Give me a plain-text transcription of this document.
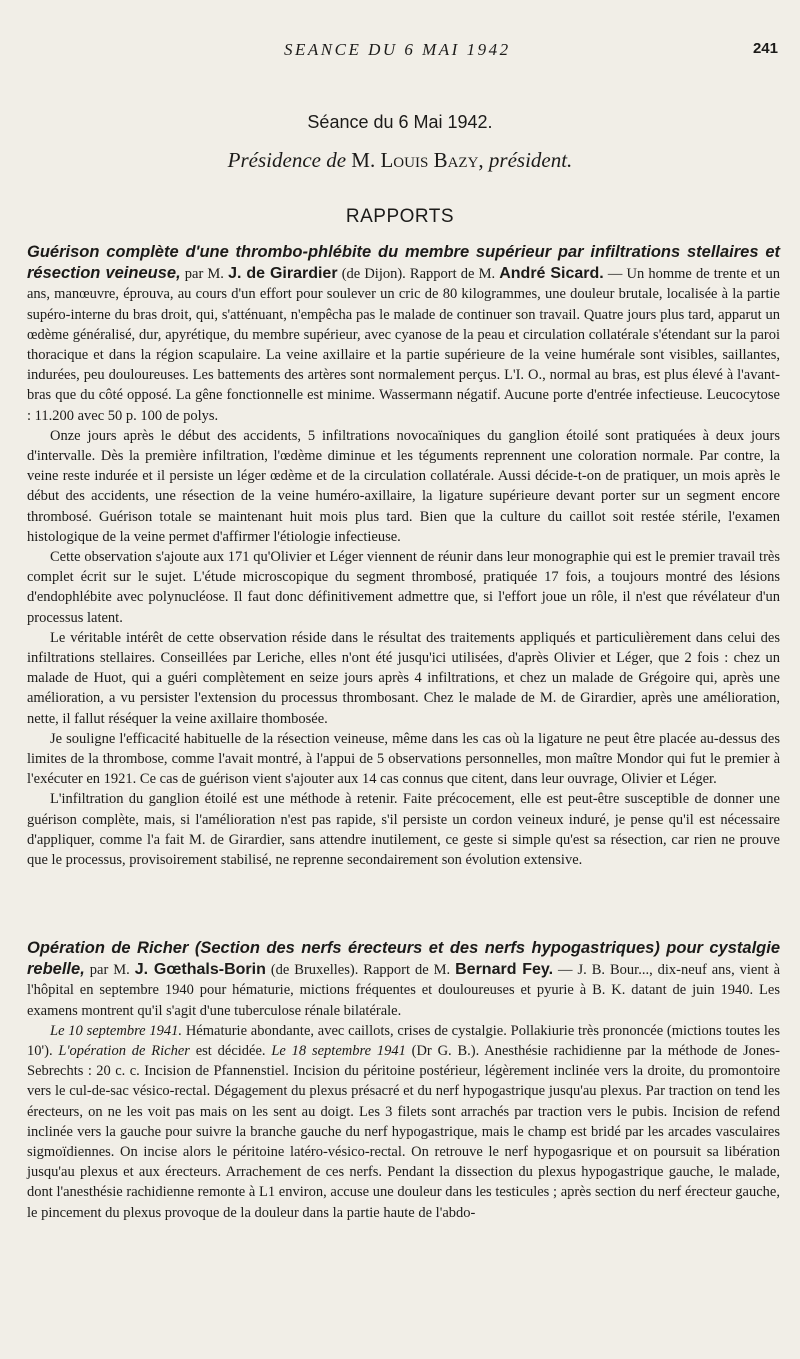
SEANCE DU 6 MAI 1942	241
Séance du 6 Mai 1942.
Présidence de M. Louis Bazy, président.
RAPPORTS

Guérison complète d'une thrombo-phlébite du membre supérieur par infiltrations stellaires et résection veineuse, par M. J. de Girardier (de Dijon). Rapport de M. André Sicard. — Un homme de trente et un ans, manœuvre, éprouva, au cours d'un effort pour soulever un cric de 80 kilogrammes, une douleur brutale, localisée à la partie supéro-interne du bras droit, qui, s'atténuant, n'empêcha pas le malade de continuer son travail. Quatre jours plus tard, apparut un œdème généralisé, dur, apyrétique, du membre supérieur, avec cyanose de la peau et circulation collatérale s'étendant sur la paroi thoracique et dans la région scapulaire. La veine axillaire et la partie supérieure de la veine humérale sont visibles, saillantes, indurées, peu douloureuses. Les battements des artères sont normalement perçus. L'I. O., normal au bras, est plus élevé à l'avant-bras que du côté opposé. La gêne fonctionnelle est minime. Wassermann négatif. Aucune porte d'entrée infectieuse. Leucocytose : 11.200 avec 50 p. 100 de polys.

Onze jours après le début des accidents, 5 infiltrations novocaïniques du ganglion étoilé sont pratiquées à deux jours d'intervalle. Dès la première infiltration, l'œdème diminue et les téguments reprennent une coloration normale. Par contre, la veine reste indurée et il persiste un léger œdème et de la circulation collatérale. Aussi décide-t-on de pratiquer, un mois après le début des accidents, une résection de la veine huméro-axillaire, la ligature supérieure devant porter sur un segment encore thrombosé. Guérison totale se maintenant huit mois plus tard. Bien que la culture du caillot soit restée stérile, l'examen histologique de la veine permet d'affirmer l'étiologie infectieuse.

Cette observation s'ajoute aux 171 qu'Olivier et Léger viennent de réunir dans leur monographie qui est le premier travail très complet écrit sur le sujet. L'étude microscopique du segment thrombosé, pratiquée 17 fois, a toujours montré des lésions d'endophlébite avec polynucléose. Il faut donc définitivement admettre que, si l'effort joue un rôle, il n'est que révélateur d'un processus latent.

Le véritable intérêt de cette observation réside dans le résultat des traitements appliqués et particulièrement dans celui des infiltrations stellaires. Conseillées par Leriche, elles n'ont été jusqu'ici utilisées, d'après Olivier et Léger, que 2 fois : chez un malade de Huot, qui a guéri complètement en seize jours après 4 infiltrations, et chez un malade de Grégoire qui, après une amélioration, a vu persister l'extension du processus thrombosant. Chez le malade de M. de Girardier, après une amélioration, nette, il fallut réséquer la veine axillaire thombosée.

Je souligne l'efficacité habituelle de la résection veineuse, même dans les cas où la ligature ne peut être placée au-dessus des limites de la thrombose, comme l'avait montré, à l'appui de 5 observations personnelles, mon maître Mondor qui fut le premier à l'exécuter en 1921. Ce cas de guérison vient s'ajouter aux 14 cas connus que citent, dans leur ouvrage, Olivier et Léger.

L'infiltration du ganglion étoilé est une méthode à retenir. Faite précocement, elle est peut-être susceptible de donner une guérison complète, mais, si l'amélioration n'est pas rapide, s'il persiste un cordon veineux induré, je pense qu'il est nécessaire d'appliquer, comme l'a fait M. de Girardier, sans attendre inutilement, ce geste si simple qu'est sa résection, car rien ne prouve que le processus, provisoirement stabilisé, ne reprenne secondairement son évolution extensive.

Opération de Richer (Section des nerfs érecteurs et des nerfs hypogastriques) pour cystalgie rebelle, par M. J. Gœthals-Borin (de Bruxelles). Rapport de M. Bernard Fey. — J. B. Bour..., dix-neuf ans, vient à l'hôpital en septembre 1940 pour hématurie, mictions fréquentes et douloureuses et pyurie à B. K. datant de juin 1940. Les examens montrent qu'il s'agit d'une tuberculose rénale bilatérale.

Le 10 septembre 1941. Hématurie abondante, avec caillots, crises de cystalgie. Pollakiurie très prononcée (mictions toutes les 10'). L'opération de Richer est décidée. Le 18 septembre 1941 (Dr G. B.). Anesthésie rachidienne par la méthode de Jones-Sebrechts : 20 c. c. Incision de Pfannenstiel. Incision du péritoine postérieur, légèrement inclinée vers la droite, du promontoire vers le cul-de-sac vésico-rectal. Dégagement du plexus présacré et du nerf hypogastrique jusqu'au plexus. Par traction on tend les érecteurs, on ne les voit pas mais on les sent au doigt. Les 3 filets sont arrachés par traction vers le pubis. Incision de refend inclinée vers la gauche pour suivre la branche gauche du nerf hypogastrique, mais le champ est bridé par les arcades vasculaires sigmoïdiennes. On incise alors le péritoine latéro-vésico-rectal. On retrouve le nerf hypogasrique et on poursuit sa libération jusqu'au plexus et aux érecteurs. Arrachement de ces nerfs. Pendant la dissection du plexus hypogastrique gauche, le malade, dont l'anesthésie rachidienne remonte à L1 environ, accuse une douleur dans les testicules ; après section du nerf érecteur gauche, le pincement du plexus provoque de la douleur dans la partie haute de l'abdo-
